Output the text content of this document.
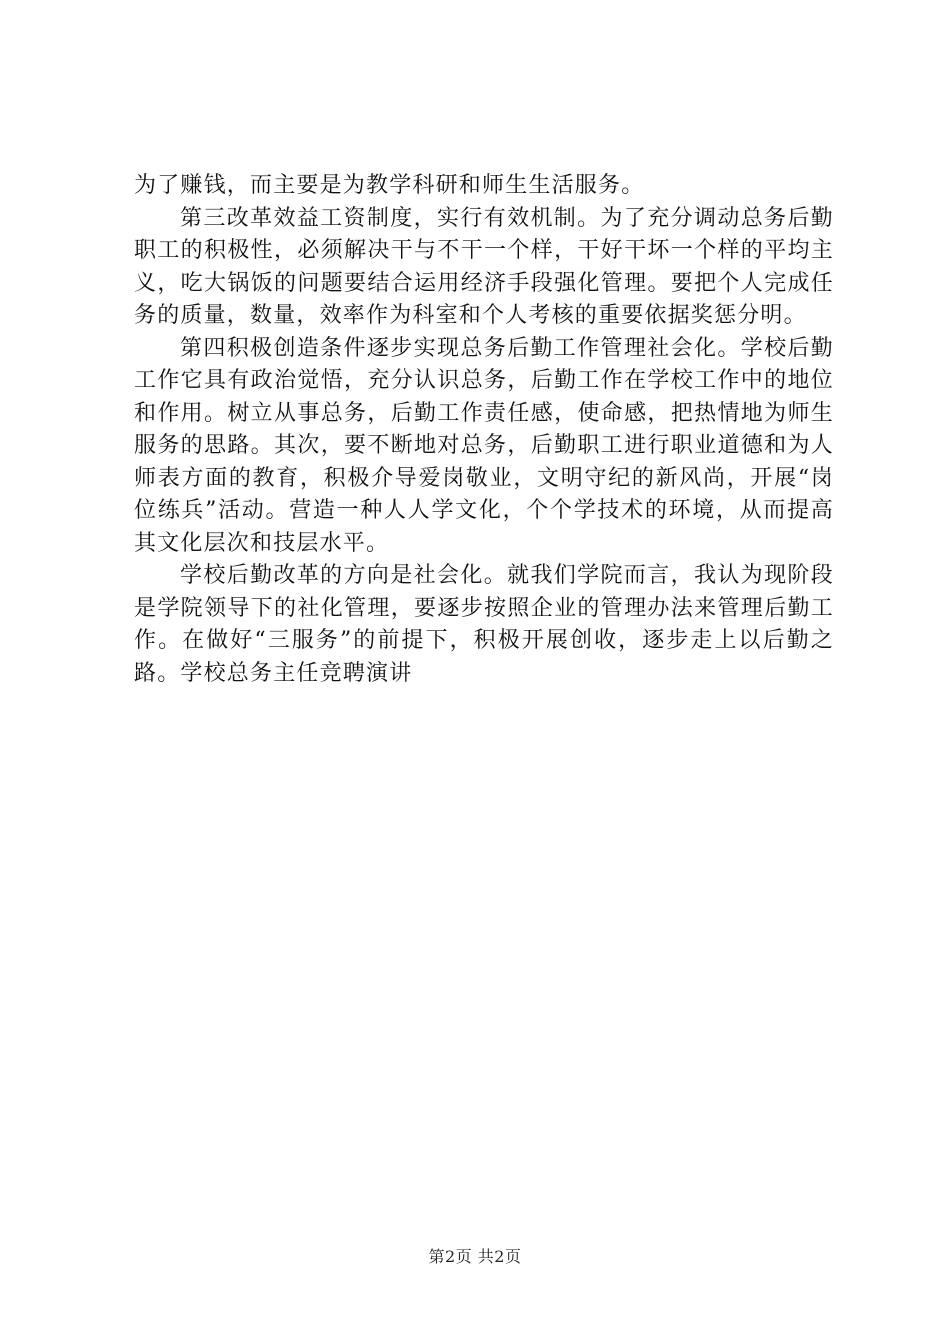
为了赚钱，而主要是为教学科研和师生生活服务。

第三改革效益工资制度，实行有效机制。为了充分调动总务后勤职工的积极性，必须解决干与不干一个样，干好干坏一个样的平均主义，吃大锅饭的问题要结合运用经济手段强化管理。要把个人完成任务的质量，数量，效率作为科室和个人考核的重要依据奖惩分明。

第四积极创造条件逐步实现总务后勤工作管理社会化。学校后勤工作它具有政治觉悟，充分认识总务，后勤工作在学校工作中的地位和作用。树立从事总务，后勤工作责任感，使命感，把热情地为师生服务的思路。其次，要不断地对总务，后勤职工进行职业道德和为人师表方面的教育，积极介导爱岗敬业，文明守纪的新风尚，开展“岗位练兵”活动。营造一种人人学文化，个个学技术的环境，从而提高其文化层次和技层水平。

学校后勤改革的方向是社会化。就我们学院而言，我认为现阶段是学院领导下的社化管理，要逐步按照企业的管理办法来管理后勤工作。在做好“三服务”的前提下，积极开展创收，逐步走上以后勤之路。学校总务主任竞聘演讲

第2页 共2页
